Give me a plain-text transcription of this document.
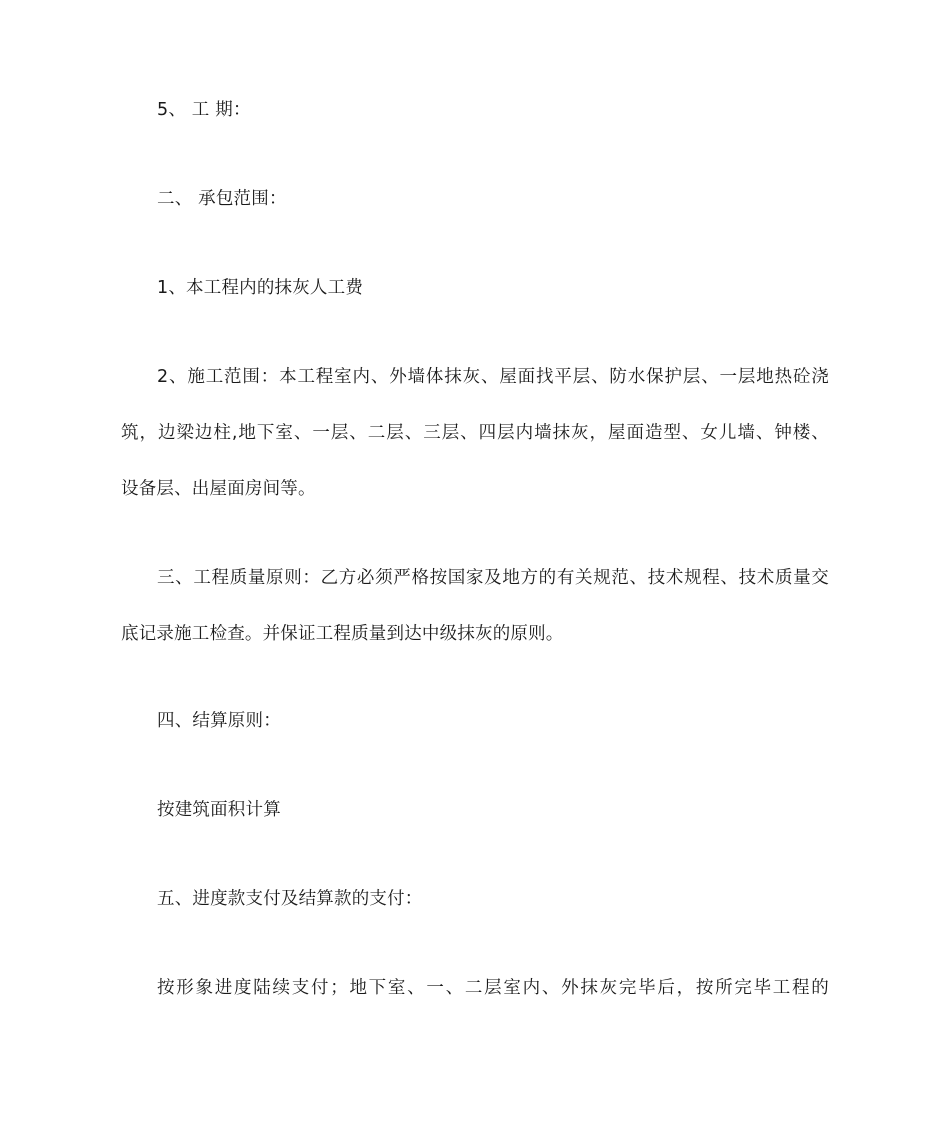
5、 工 期：
二、 承包范围：
1、本工程内的抹灰人工费
2、施工范围：本工程室内、外墙体抹灰、屋面找平层、防水保护层、一层地热砼浇
筑，边梁边柱,地下室、一层、二层、三层、四层内墙抹灰，屋面造型、女儿墙、钟楼、
设备层、出屋面房间等。
三、工程质量原则：乙方必须严格按国家及地方的有关规范、技术规程、技术质量交
底记录施工检查。并保证工程质量到达中级抹灰的原则。
四、结算原则：
按建筑面积计算
五、进度款支付及结算款的支付：
按形象进度陆续支付；地下室、一、二层室内、外抹灰完毕后，按所完毕工程的
